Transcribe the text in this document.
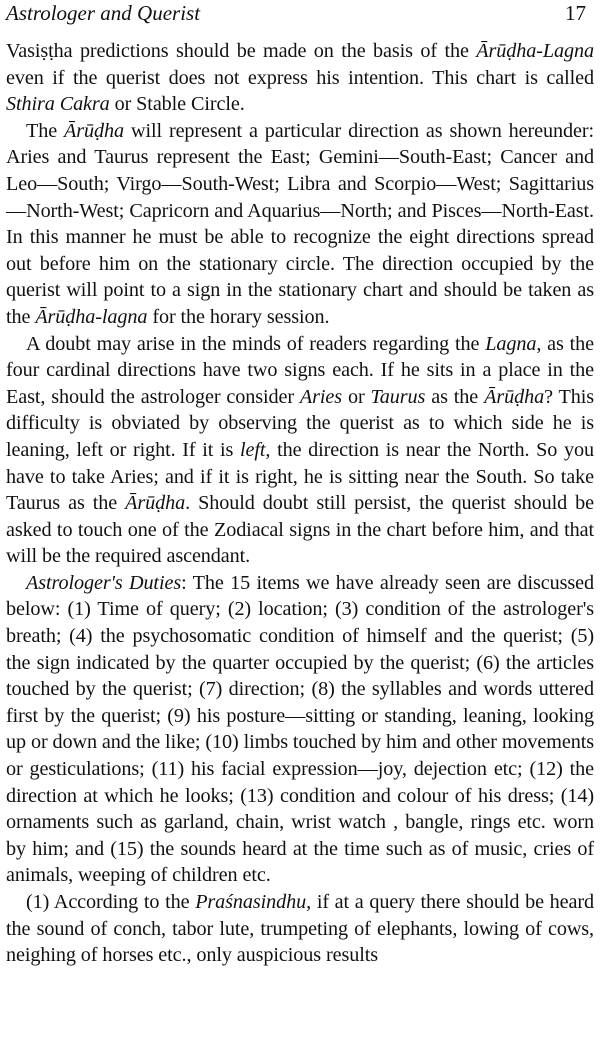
Astrologer and Querist	17

Vasiṣṭha predictions should be made on the basis of the Ārūḍha-Lagna even if the querist does not express his intention. This chart is called Sthira Cakra or Stable Circle.

The Ārūḍha will represent a particular direction as shown hereunder: Aries and Taurus represent the East; Gemini—South-East; Cancer and Leo—South; Virgo—South-West; Libra and Scorpio—West; Sagittarius—North-West; Capricorn and Aquarius—North; and Pisces—North-East. In this manner he must be able to recognize the eight directions spread out before him on the stationary circle. The direction occupied by the querist will point to a sign in the stationary chart and should be taken as the Ārūḍha-lagna for the horary session.

A doubt may arise in the minds of readers regarding the Lagna, as the four cardinal directions have two signs each. If he sits in a place in the East, should the astrologer consider Aries or Taurus as the Ārūḍha? This difficulty is obviated by observing the querist as to which side he is leaning, left or right. If it is left, the direction is near the North. So you have to take Aries; and if it is right, he is sitting near the South. So take Taurus as the Ārūḍha. Should doubt still persist, the querist should be asked to touch one of the Zodiacal signs in the chart before him, and that will be the required ascendant.

Astrologer's Duties: The 15 items we have already seen are discussed below: (1) Time of query; (2) location; (3) condition of the astrologer's breath; (4) the psychosomatic condition of himself and the querist; (5) the sign indicated by the quarter occupied by the querist; (6) the articles touched by the querist; (7) direction; (8) the syllables and words uttered first by the querist; (9) his posture—sitting or standing, leaning, looking up or down and the like; (10) limbs touched by him and other movements or gesticulations; (11) his facial expression—joy, dejection etc; (12) the direction at which he looks; (13) condition and colour of his dress; (14) ornaments such as garland, chain, wrist watch , bangle, rings etc. worn by him; and (15) the sounds heard at the time such as of music, cries of animals, weeping of children etc.

(1) According to the Praśnasindhu, if at a query there should be heard the sound of conch, tabor lute, trumpeting of elephants, lowing of cows, neighing of horses etc., only auspicious results
